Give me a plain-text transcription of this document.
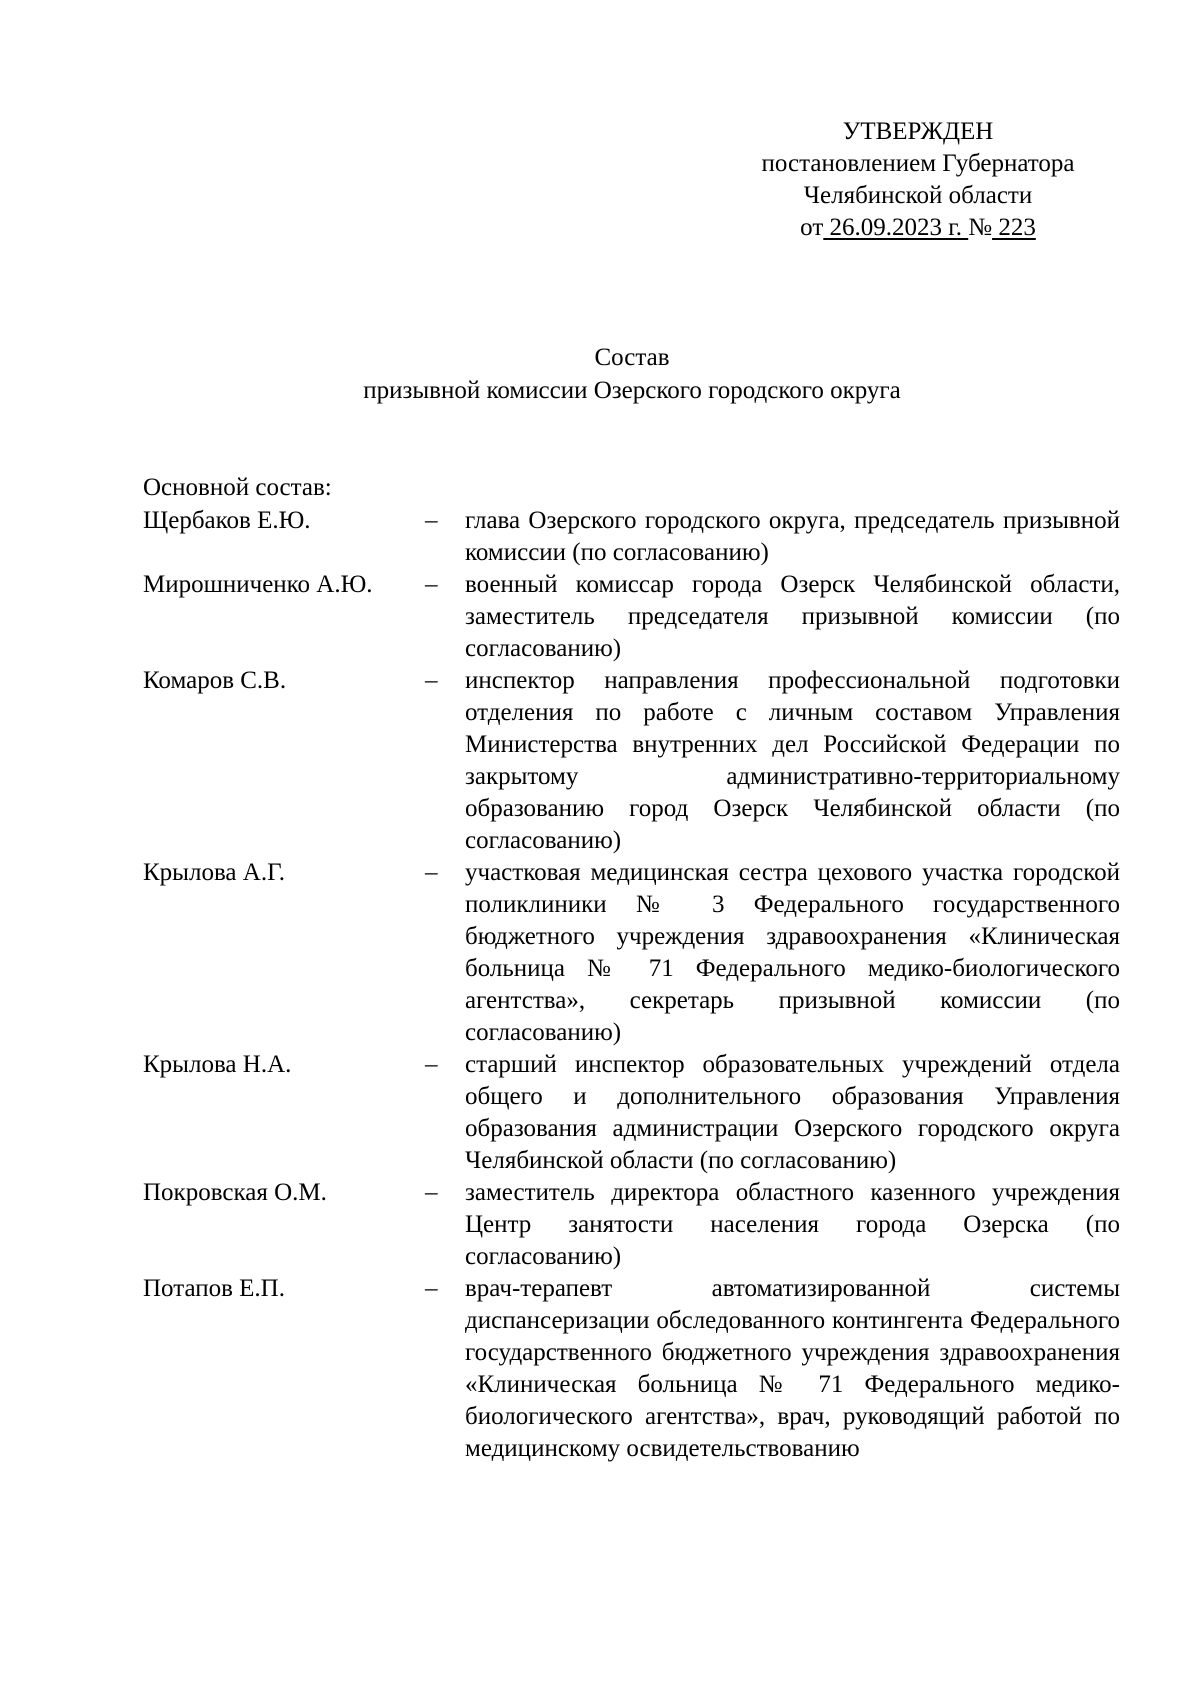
УТВЕРЖДЕН
постановлением Губернатора
Челябинской области
от 26.09.2023 г. № 223
Состав
призывной комиссии Озерского городского округа
Основной состав:
Щербаков Е.Ю.	–	глава Озерского городского округа, председатель призывной комиссии (по согласованию)
Мирошниченко А.Ю.	–	военный комиссар города Озерск Челябинской области, заместитель председателя призывной комиссии (по согласованию)
Комаров С.В.	–	инспектор направления профессиональной подготовки отделения по работе с личным составом Управления Министерства внутренних дел Российской Федерации по закрытому административно-территориальному образованию город Озерск Челябинской области (по согласованию)
Крылова А.Г.	–	участковая медицинская сестра цехового участка городской поликлиники № 3 Федерального государственного бюджетного учреждения здравоохранения «Клиническая больница № 71 Федерального медико-биологического агентства», секретарь призывной комиссии (по согласованию)
Крылова Н.А.	–	старший инспектор образовательных учреждений отдела общего и дополнительного образования Управления образования администрации Озерского городского округа Челябинской области (по согласованию)
Покровская О.М.	–	заместитель директора областного казенного учреждения Центр занятости населения города Озерска (по согласованию)
Потапов Е.П.	–	врач-терапевт автоматизированной системы диспансеризации обследованного контингента Федерального государственного бюджетного учреждения здравоохранения «Клиническая больница № 71 Федерального медико-биологического агентства», врач, руководящий работой по медицинскому освидетельствованию
